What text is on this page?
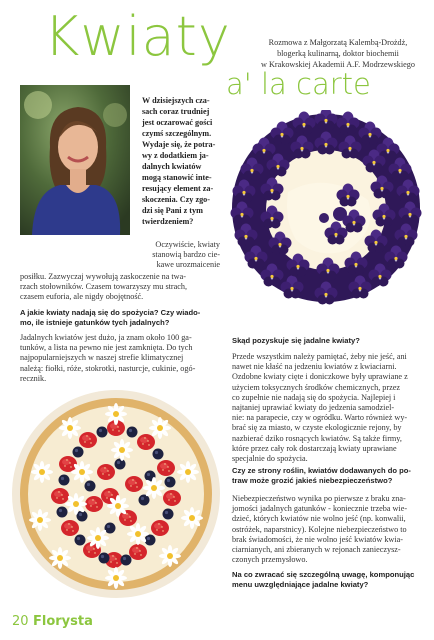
Kwiaty
a' la carte
Rozmowa z Małgorzatą Kalembą-Drożdż,
blogerką kulinarną, doktor biochemii
w Krakowskiej Akademii A.F. Modrzewskiego
W dzisiejszych cza-
sach coraz trudniej
jest oczarować gości
czymś szczególnym.
Wydaje się, że potra-
wy z dodatkiem ja-
dalnych kwiatów
mogą stanowić inte-
resujący element za-
skoczenia. Czy zgo-
dzi się Pani z tym
twierdzeniem?
Oczywiście, kwiaty
stanowią bardzo cie-
kawe urozmaicenie
posiłku. Zazwyczaj wywołują zaskoczenie na twa-
rzach stołowników. Czasem towarzyszy mu strach,
czasem euforia, ale nigdy obojętność.
A jakie kwiaty nadają się do spożycia? Czy wiado-
mo, ile istnieje gatunków tych jadalnych?
Jadalnych kwiatów jest dużo, ja znam około 100 ga-
tunków, a lista na pewno nie jest zamknięta. Do tych
najpopularniejszych w naszej strefie klimatycznej
należą: fiołki, róże, stokrotki, nasturcje, cukinie, ogó-
recznik.
Skąd pozyskuje się jadalne kwiaty?
Przede wszystkim należy pamiętać, żeby nie jeść, ani
nawet nie kłaść na jedzeniu kwiatów z kwiaciarni.
Ozdobne kwiaty cięte i doniczkowe były uprawiane z
użyciem toksycznych środków chemicznych, przez
co zupełnie nie nadają się do spożycia. Najlepiej i
najtaniej uprawiać kwiaty do jedzenia samodziel-
nie: na parapecie, czy w ogródku. Warto również wy-
brać się za miasto, w czyste ekologicznie rejony, by
nazbierać dziko rosnących kwiatów. Są także firmy,
które przez cały rok dostarczają kwiaty uprawiane
specjalnie do spożycia.
Czy ze strony roślin, kwiatów dodawanych do po-
traw może grozić jakieś niebezpieczeństwo?
Niebezpieczeństwo wynika po pierwsze z braku zna-
jomości jadalnych gatunków - koniecznie trzeba wie-
dzieć, których kwiatów nie wolno jeść (np. konwalii,
ostróżek, naparstnicy). Kolejne niebezpieczeństwo to
brak świadomości, że nie wolno jeść kwiatów kwia-
ciarnianych, ani zbieranych w rejonach zanieczysz-
czonych przemysłowo.
Na co zwracać się szczególną uwagę, komponując
menu uwzględniające jadalne kwiaty?
20 Florysta
